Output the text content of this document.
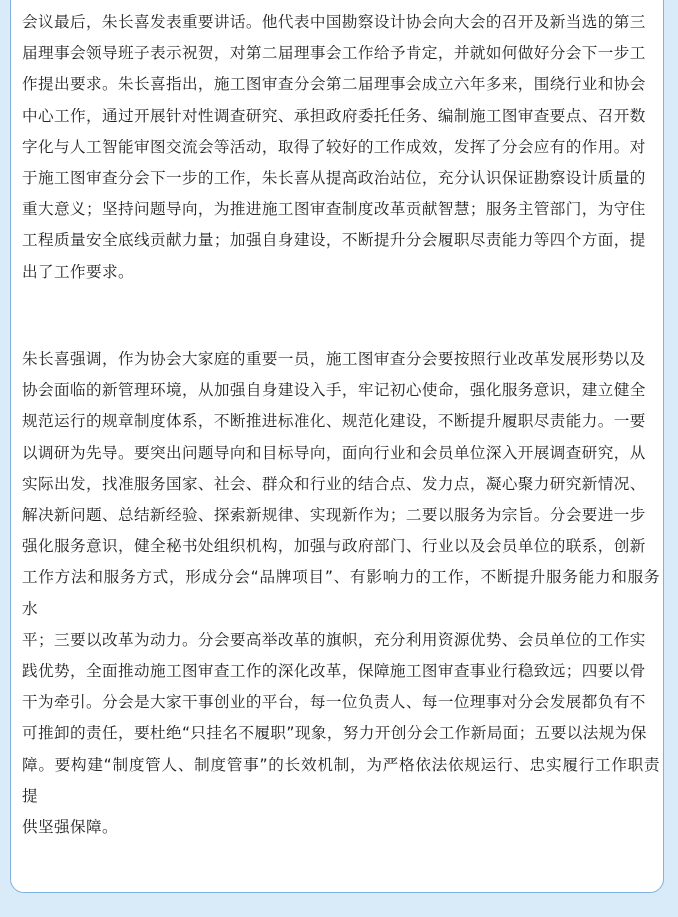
会议最后，朱长喜发表重要讲话。他代表中国勘察设计协会向大会的召开及新当选的第三
届理事会领导班子表示祝贺，对第二届理事会工作给予肯定，并就如何做好分会下一步工
作提出要求。朱长喜指出，施工图审查分会第二届理事会成立六年多来，围绕行业和协会
中心工作，通过开展针对性调查研究、承担政府委托任务、编制施工图审查要点、召开数
字化与人工智能审图交流会等活动，取得了较好的工作成效，发挥了分会应有的作用。对
于施工图审查分会下一步的工作，朱长喜从提高政治站位，充分认识保证勘察设计质量的
重大意义；坚持问题导向，为推进施工图审查制度改革贡献智慧；服务主管部门，为守住
工程质量安全底线贡献力量；加强自身建设，不断提升分会履职尽责能力等四个方面，提
出了工作要求。

朱长喜强调，作为协会大家庭的重要一员，施工图审查分会要按照行业改革发展形势以及
协会面临的新管理环境，从加强自身建设入手，牢记初心使命，强化服务意识，建立健全
规范运行的规章制度体系，不断推进标准化、规范化建设，不断提升履职尽责能力。一要
以调研为先导。要突出问题导向和目标导向，面向行业和会员单位深入开展调查研究，从
实际出发，找准服务国家、社会、群众和行业的结合点、发力点，凝心聚力研究新情况、
解决新问题、总结新经验、探索新规律、实现新作为；二要以服务为宗旨。分会要进一步
强化服务意识，健全秘书处组织机构，加强与政府部门、行业以及会员单位的联系，创新
工作方法和服务方式，形成分会“品牌项目”、有影响力的工作，不断提升服务能力和服务水
平；三要以改革为动力。分会要高举改革的旗帜，充分利用资源优势、会员单位的工作实
践优势，全面推动施工图审查工作的深化改革，保障施工图审查事业行稳致远；四要以骨
干为牵引。分会是大家干事创业的平台，每一位负责人、每一位理事对分会发展都负有不
可推卸的责任，要杜绝“只挂名不履职”现象，努力开创分会工作新局面；五要以法规为保
障。要构建“制度管人、制度管事”的长效机制，为严格依法依规运行、忠实履行工作职责提
供坚强保障。
